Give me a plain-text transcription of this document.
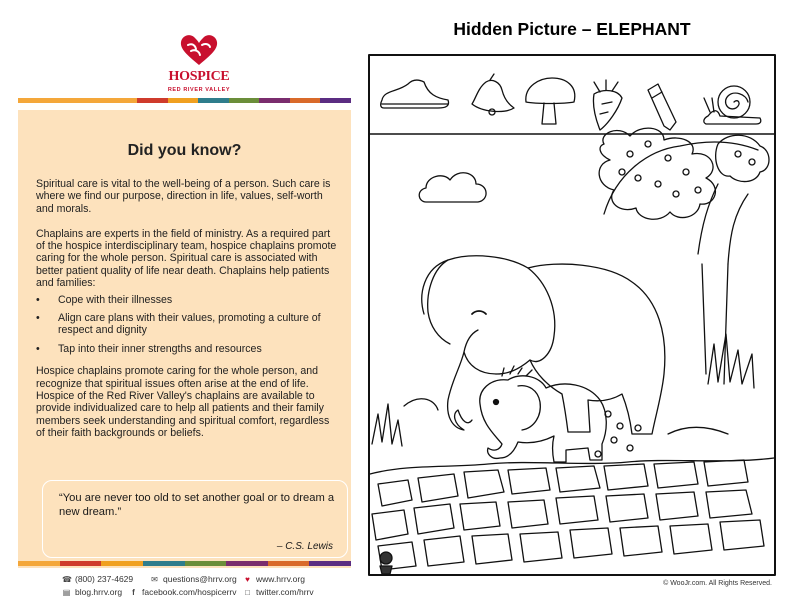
HOSPICE
RED RIVER VALLEY
Did you know?

Spiritual care is vital to the well-being of a person. Such care is where we find our purpose, direction in life, values, self-worth and morals.

Chaplains are experts in the field of ministry. As a required part of the hospice interdisciplinary team, hospice chaplains promote caring for the whole person. Spiritual care is associated with better patient quality of life near death. Chaplains help patients and families:

• Cope with their illnesses
• Align care plans with their values, promoting a culture of respect and dignity
• Tap into their inner strengths and resources

Hospice chaplains promote caring for the whole person, and recognize that spiritual issues often arise at the end of life. Hospice of the Red River Valley's chaplains are available to provide individualized care to help all patients and their family members seek understanding and spiritual comfort, regardless of their faith backgrounds or beliefs.

“You are never too old to set another goal or to dream a new dream.”
– C.S. Lewis
☎ (800) 237-4629 ✉ questions@hrrv.org ♥ www.hrrv.org
▤ blog.hrrv.org	f facebook.com/hospicerrv □ twitter.com/hrrv
Hidden Picture – ELEPHANT
© WooJr.com. All Rights Reserved.
